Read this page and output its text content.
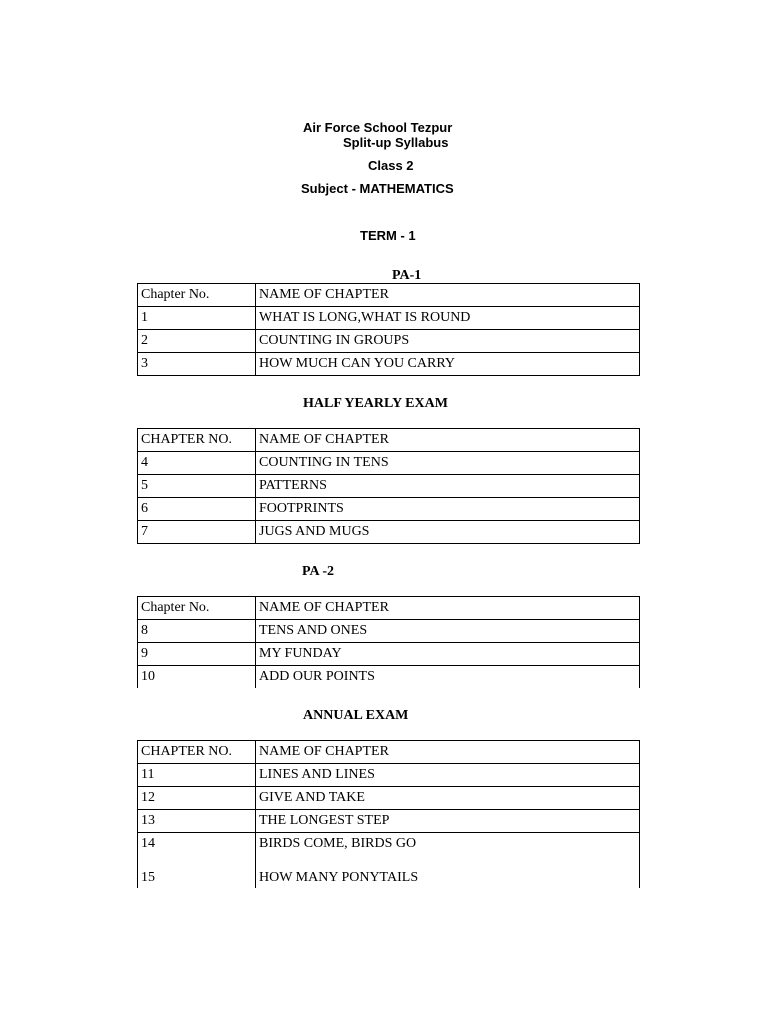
Air Force School Tezpur
Split-up Syllabus
Class 2
Subject - MATHEMATICS
TERM - 1
PA-1
Chapter No.	NAME OF CHAPTER
1	WHAT IS LONG,WHAT IS ROUND
2	COUNTING IN GROUPS
3	HOW MUCH CAN YOU CARRY
HALF YEARLY EXAM
CHAPTER NO.	NAME OF CHAPTER
4	COUNTING IN TENS
5	PATTERNS
6	FOOTPRINTS
7	JUGS AND MUGS
PA -2
Chapter No.	NAME OF CHAPTER
8	TENS AND ONES
9	MY FUNDAY
10	ADD OUR POINTS
ANNUAL EXAM
CHAPTER NO.	NAME OF CHAPTER
11	LINES AND LINES
12	GIVE AND TAKE
13	THE LONGEST STEP
14	BIRDS COME, BIRDS GO
15	HOW MANY PONYTAILS
